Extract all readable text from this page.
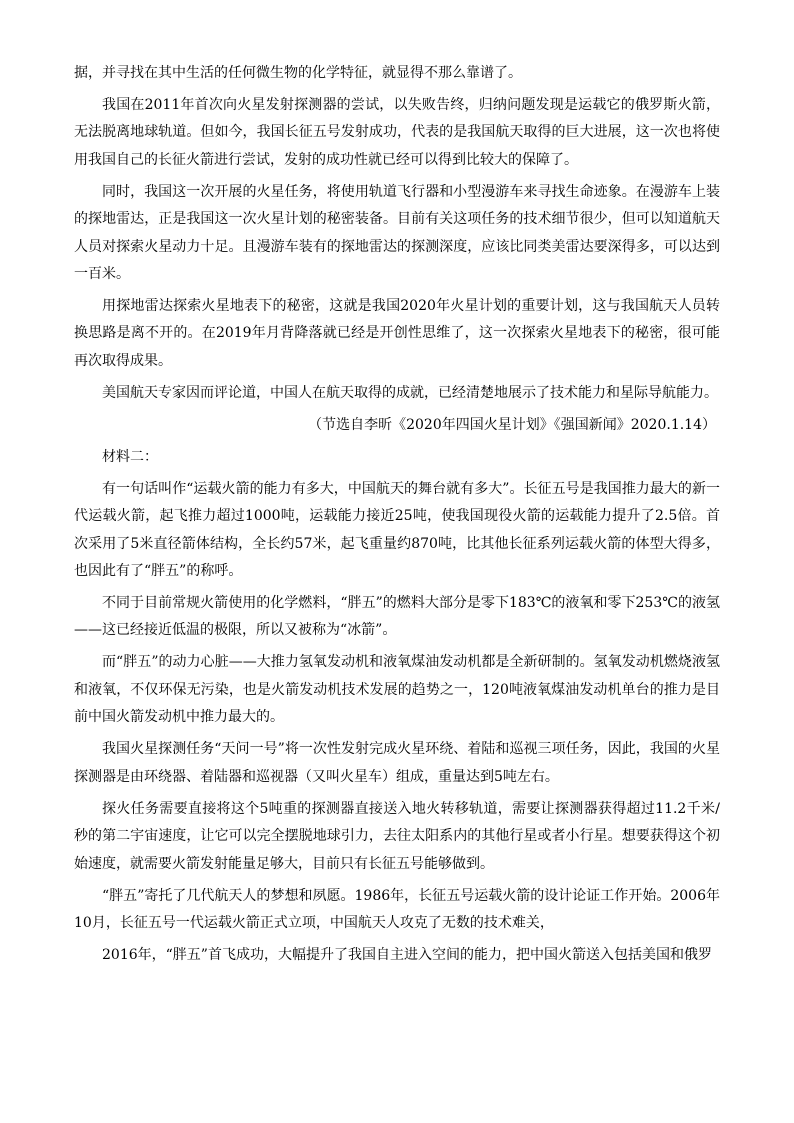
据，并寻找在其中生活的任何微生物的化学特征，就显得不那么靠谱了。

我国在2011年首次向火星发射探测器的尝试，以失败告终，归纳问题发现是运载它的俄罗斯火箭，无法脱离地球轨道。但如今，我国长征五号发射成功，代表的是我国航天取得的巨大进展，这一次也将使用我国自己的长征火箭进行尝试，发射的成功性就已经可以得到比较大的保障了。

同时，我国这一次开展的火星任务，将使用轨道飞行器和小型漫游车来寻找生命迹象。在漫游车上装的探地雷达，正是我国这一次火星计划的秘密装备。目前有关这项任务的技术细节很少，但可以知道航天人员对探索火星动力十足。且漫游车装有的探地雷达的探测深度，应该比同类美雷达要深得多，可以达到一百米。

用探地雷达探索火星地表下的秘密，这就是我国2020年火星计划的重要计划，这与我国航天人员转换思路是离不开的。在2019年月背降落就已经是开创性思维了，这一次探索火星地表下的秘密，很可能再次取得成果。

美国航天专家因而评论道，中国人在航天取得的成就，已经清楚地展示了技术能力和星际导航能力。

（节选自李昕《2020年四国火星计划》《强国新闻》2020.1.14）

材料二：

有一句话叫作“运载火箭的能力有多大，中国航天的舞台就有多大”。长征五号是我国推力最大的新一代运载火箭，起飞推力超过1000吨，运载能力接近25吨，使我国现役火箭的运载能力提升了2.5倍。首次采用了5米直径箭体结构，全长约57米，起飞重量约870吨，比其他长征系列运载火箭的体型大得多，也因此有了“胖五”的称呼。

不同于目前常规火箭使用的化学燃料，“胖五”的燃料大部分是零下183℃的液氧和零下253℃的液氢——这已经接近低温的极限，所以又被称为“冰箭”。

而“胖五”的动力心脏——大推力氢氧发动机和液氧煤油发动机都是全新研制的。氢氧发动机燃烧液氢和液氧，不仅环保无污染，也是火箭发动机技术发展的趋势之一，120吨液氧煤油发动机单台的推力是目前中国火箭发动机中推力最大的。

我国火星探测任务“天问一号”将一次性发射完成火星环绕、着陆和巡视三项任务，因此，我国的火星探测器是由环绕器、着陆器和巡视器（又叫火星车）组成，重量达到5吨左右。

探火任务需要直接将这个5吨重的探测器直接送入地火转移轨道，需要让探测器获得超过11.2千米/秒的第二宇宙速度，让它可以完全摆脱地球引力，去往太阳系内的其他行星或者小行星。想要获得这个初始速度，就需要火箭发射能量足够大，目前只有长征五号能够做到。

“胖五”寄托了几代航天人的梦想和夙愿。1986年，长征五号运载火箭的设计论证工作开始。2006年10月，长征五号一代运载火箭正式立项，中国航天人攻克了无数的技术难关，

2016年，“胖五”首飞成功，大幅提升了我国自主进入空间的能力，把中国火箭送入包括美国和俄罗
